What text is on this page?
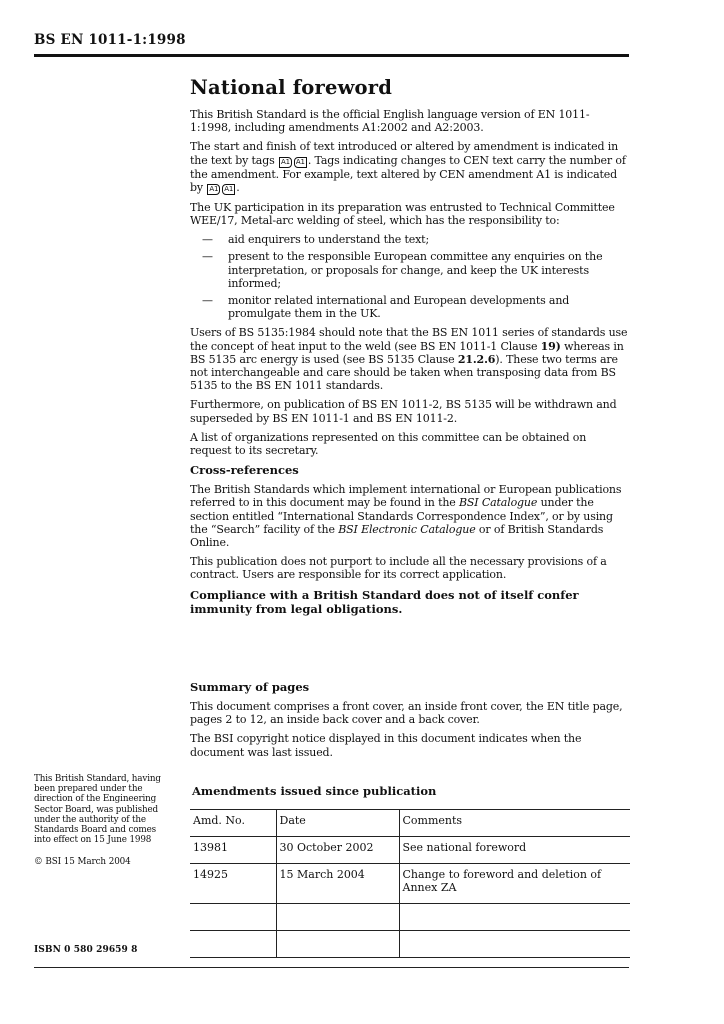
BS EN 1011-1:1998
National foreword

This British Standard is the official English language version of EN 1011-1:1998, including amendments A1:2002 and A2:2003.

The start and finish of text introduced or altered by amendment is indicated in the text by tags A1 A1 . Tags indicating changes to CEN text carry the number of the amendment. For example, text altered by CEN amendment A1 is indicated by A1 A1 .

The UK participation in its preparation was entrusted to Technical Committee WEE/17, Metal-arc welding of steel, which has the responsibility to:

— aid enquirers to understand the text;
— present to the responsible European committee any enquiries on the interpretation, or proposals for change, and keep the UK interests informed;
— monitor related international and European developments and promulgate them in the UK.

Users of BS 5135:1984 should note that the BS EN 1011 series of standards use the concept of heat input to the weld (see BS EN 1011-1 Clause 19) whereas in BS 5135 arc energy is used (see BS 5135 Clause 21.2.6). These two terms are not interchangeable and care should be taken when transposing data from BS 5135 to the BS EN 1011 standards.

Furthermore, on publication of BS EN 1011-2, BS 5135 will be withdrawn and superseded by BS EN 1011-1 and BS EN 1011-2.

A list of organizations represented on this committee can be obtained on request to its secretary.

Cross-references

The British Standards which implement international or European publications referred to in this document may be found in the BSI Catalogue under the section entitled “International Standards Correspondence Index”, or by using the “Search” facility of the BSI Electronic Catalogue or of British Standards Online.

This publication does not purport to include all the necessary provisions of a contract. Users are responsible for its correct application.

Compliance with a British Standard does not of itself confer immunity from legal obligations.

Summary of pages

This document comprises a front cover, an inside front cover, the EN title page, pages 2 to 12, an inside back cover and a back cover.

The BSI copyright notice displayed in this document indicates when the document was last issued.

This British Standard, having been prepared under the direction of the Engineering Sector Board, was published under the authority of the Standards Board and comes into effect on 15 June 1998
© BSI 15 March 2004
ISBN 0 580 29659 8
Amendments issued since publication
Amd. No.	Date	Comments
13981	30 October 2002	See national foreword
14925	15 March 2004	Change to foreword and deletion of Annex ZA
